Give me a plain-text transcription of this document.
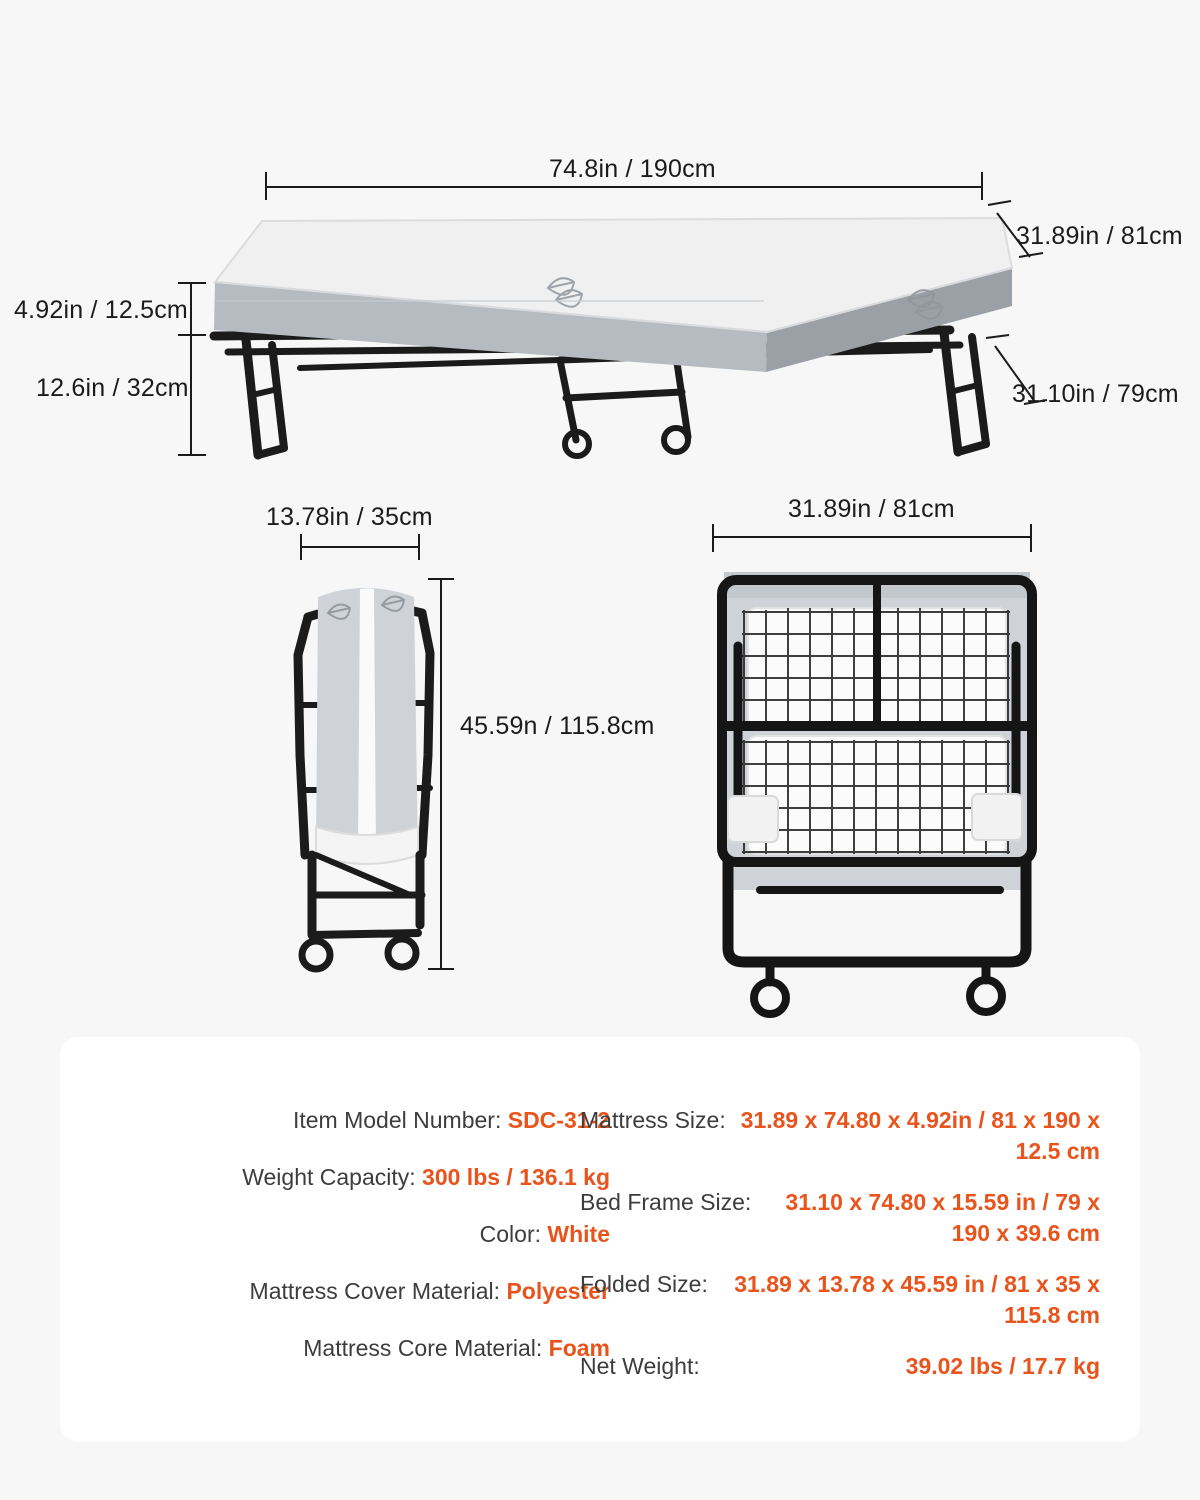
74.8in / 190cm
31.89in / 81cm
4.92in / 12.5cm
12.6in / 32cm	31.10in / 79cm
13.78in / 35cm
45.59n / 115.8cm
31.89in / 81cm
Item Model Number: SDC-31-2
Weight Capacity: 300 lbs / 136.1 kg
Color: White
Mattress Cover Material: Polyester
Mattress Core Material: Foam
Mattress Size: 31.89 x 74.80 x 4.92in / 81 x 190 x 12.5 cm
Bed Frame Size:	31.10 x 74.80 x 15.59 in / 79 x 190 x 39.6 cm
Folded Size:	31.89 x 13.78 x 45.59 in / 81 x 35 x 115.8 cm
Net Weight:	39.02 lbs / 17.7 kg
